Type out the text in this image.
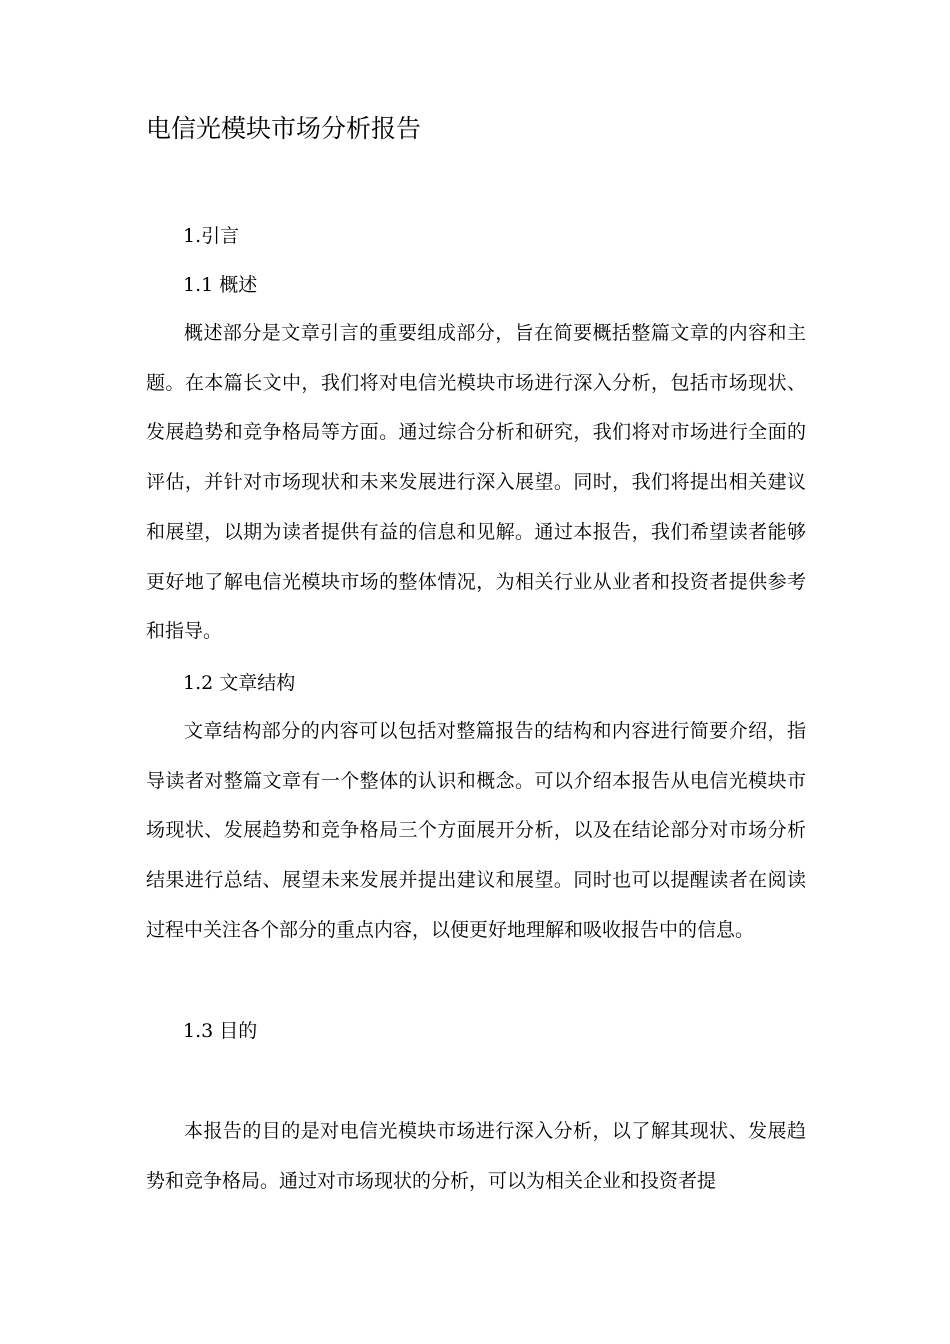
电信光模块市场分析报告

1.引言

1.1 概述

概述部分是文章引言的重要组成部分，旨在简要概括整篇文章的内容和主题。在本篇长文中，我们将对电信光模块市场进行深入分析，包括市场现状、发展趋势和竞争格局等方面。通过综合分析和研究，我们将对市场进行全面的评估，并针对市场现状和未来发展进行深入展望。同时，我们将提出相关建议和展望，以期为读者提供有益的信息和见解。通过本报告，我们希望读者能够更好地了解电信光模块市场的整体情况，为相关行业从业者和投资者提供参考和指导。

1.2 文章结构

文章结构部分的内容可以包括对整篇报告的结构和内容进行简要介绍，指导读者对整篇文章有一个整体的认识和概念。可以介绍本报告从电信光模块市场现状、发展趋势和竞争格局三个方面展开分析，以及在结论部分对市场分析结果进行总结、展望未来发展并提出建议和展望。同时也可以提醒读者在阅读过程中关注各个部分的重点内容，以便更好地理解和吸收报告中的信息。

1.3 目的

本报告的目的是对电信光模块市场进行深入分析，以了解其现状、发展趋势和竞争格局。通过对市场现状的分析，可以为相关企业和投资者提
